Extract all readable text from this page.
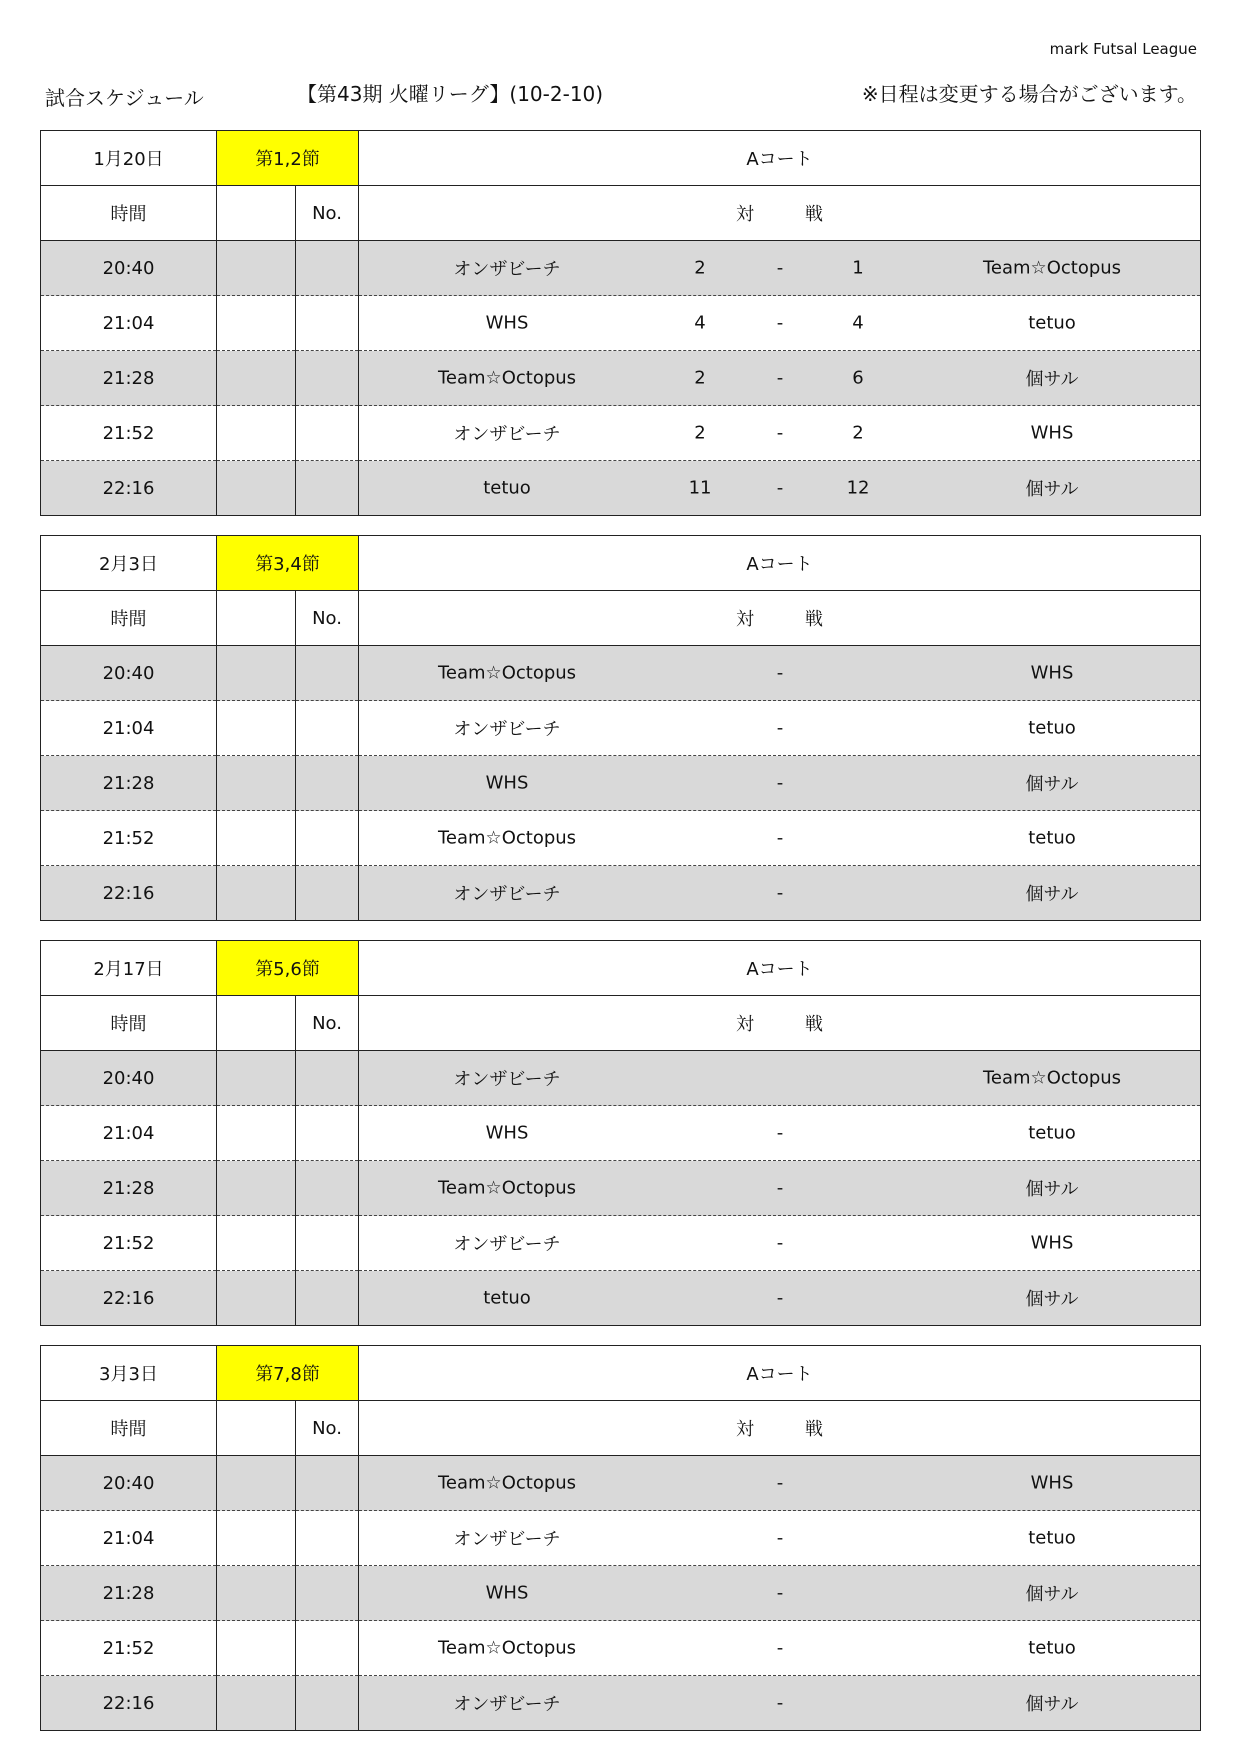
mark Futsal League
試合スケジュール	【第43期 火曜リーグ】(10-2-10)	※日程は変更する場合がございます。
1月20日	第1,2節		Aコート
時間		No.	対 戦

20:40			オンザビーチ 2 - 1 Team☆Octopus

21:04			WHS 4 - 4 tetuo

21:28			Team☆Octopus 2 - 6 個サル

21:52			オンザビーチ 2 - 2 WHS

22:16			tetuo 11 - 12 個サル
2月3日	第3,4節		Aコート
時間		No.	対 戦

20:40			Team☆Octopus - WHS

21:04			オンザビーチ - tetuo

21:28			WHS - 個サル

21:52			Team☆Octopus - tetuo

22:16			オンザビーチ - 個サル
2月17日	第5,6節		Aコート
時間		No.	対 戦

20:40			オンザビーチ Team☆Octopus

21:04			WHS - tetuo

21:28			Team☆Octopus - 個サル

21:52			オンザビーチ - WHS

22:16			tetuo - 個サル
3月3日	第7,8節		Aコート
時間		No.	対 戦

20:40			Team☆Octopus - WHS

21:04			オンザビーチ - tetuo

21:28			WHS - 個サル

21:52			Team☆Octopus - tetuo

22:16			オンザビーチ - 個サル
